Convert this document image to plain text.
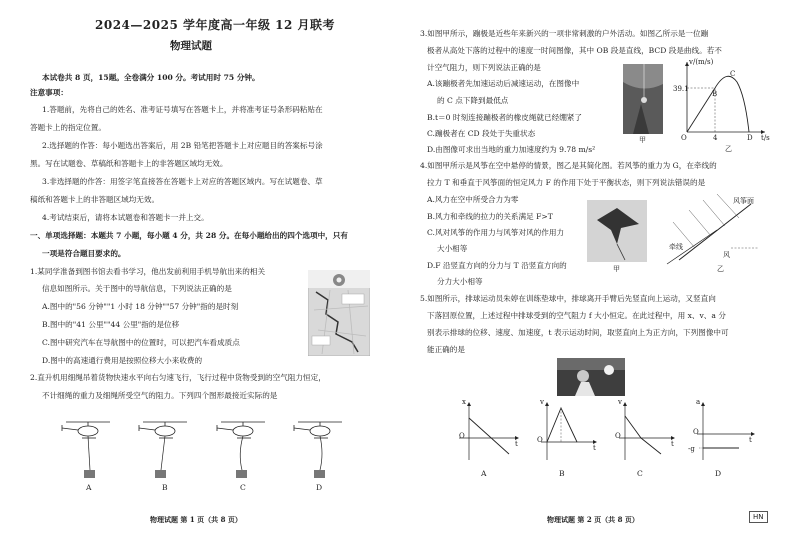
2024—2025 学年度高一年级 12 月联考
物理试题
本试卷共 8 页，15题。全卷满分 100 分。考试用时 75 分钟。
注意事项：
1.答题前，先将自己的姓名、准考证号填写在答题卡上，并将准考证号条形码粘贴在
答题卡上的指定位置。
2.选择题的作答：每小题选出答案后，用 2B 铅笔把答题卡上对应题目的答案标号涂
黑。写在试题卷、草稿纸和答题卡上的非答题区域均无效。
3.非选择题的作答：用签字笔直接答在答题卡上对应的答题区域内。写在试题卷、草
稿纸和答题卡上的非答题区域均无效。
4.考试结束后，请将本试题卷和答题卡一并上交。
一、单项选择题：本题共 7 小题，每小题 4 分，共 28 分。在每小题给出的四个选项中，只有
一项是符合题目要求的。
1.某同学准备到图书馆去看书学习，他出发前利用手机导航出来的相关
信息如图所示。关于图中的导航信息，下列说法正确的是
A.图中的"56 分钟""1 小时 18 分钟""57 分钟"指的是时刻
B.图中的"41 公里""44 公里"指的是位移
C.图中研究汽车在导航图中的位置时，可以把汽车看成质点
D.图中的高速通行费用是按照位移大小来收费的
2.直升机用细绳吊着货物快速水平向右匀速飞行，飞行过程中货物受到的空气阻力恒定，
不计细绳的重力及细绳所受空气的阻力。下列四个图形最接近实际的是
A	B	C	D
物理试题 第 1 页（共 8 页）
3.如图甲所示，蹦极是近些年来新兴的一项非常刺激的户外活动。如图乙所示是一位蹦
极者从高处下落的过程中的速度一时间图像，其中 OB 段是直线，BCD 段是曲线。若不
计空气阻力，则下列说法正确的是
A.该蹦极者先加速运动后减速运动，在图像中
的 C 点下降到最低点
B.t＝0 时刻连接蹦极者的橡皮绳就已经绷紧了
C.蹦极者在 CD 段处于失重状态
D.由图像可求出当地的重力加速度约为 9.78 m/s²
甲
v/(m/s)
39.1
B
C
D
O	4	t/s
乙
4.如图甲所示是风筝在空中悬停的情景，图乙是其简化图。若风筝的重力为 G，在牵线的
拉力 T 和垂直于风筝面的恒定风力 F 的作用下处于平衡状态，则下列说法错误的是
A.风力在空中所受合力为零
B.风力和牵线的拉力的关系满足 F>T
C.风对风筝的作用力与风筝对风的作用力
大小相等
D.F 沿竖直方向的分力与 T 沿竖直方向的
分力大小相等
甲
风筝面
牵线
风
乙
5.如图所示，排球运动员朱婷在训练垫球中，排球离开手臂后先竖直向上运动，又竖直向
下落回原位置，上述过程中排球受到的空气阻力 f 大小恒定。在此过程中，用 x、v、a 分
别表示排球的位移、速度、加速度，t 表示运动时间，取竖直向上为正方向，下列图像中可
能正确的是
x
O
t
v
O
t
v
O
t
a
O
t
-g
A	B	C	D
物理试题 第 2 页（共 8 页）	HN
